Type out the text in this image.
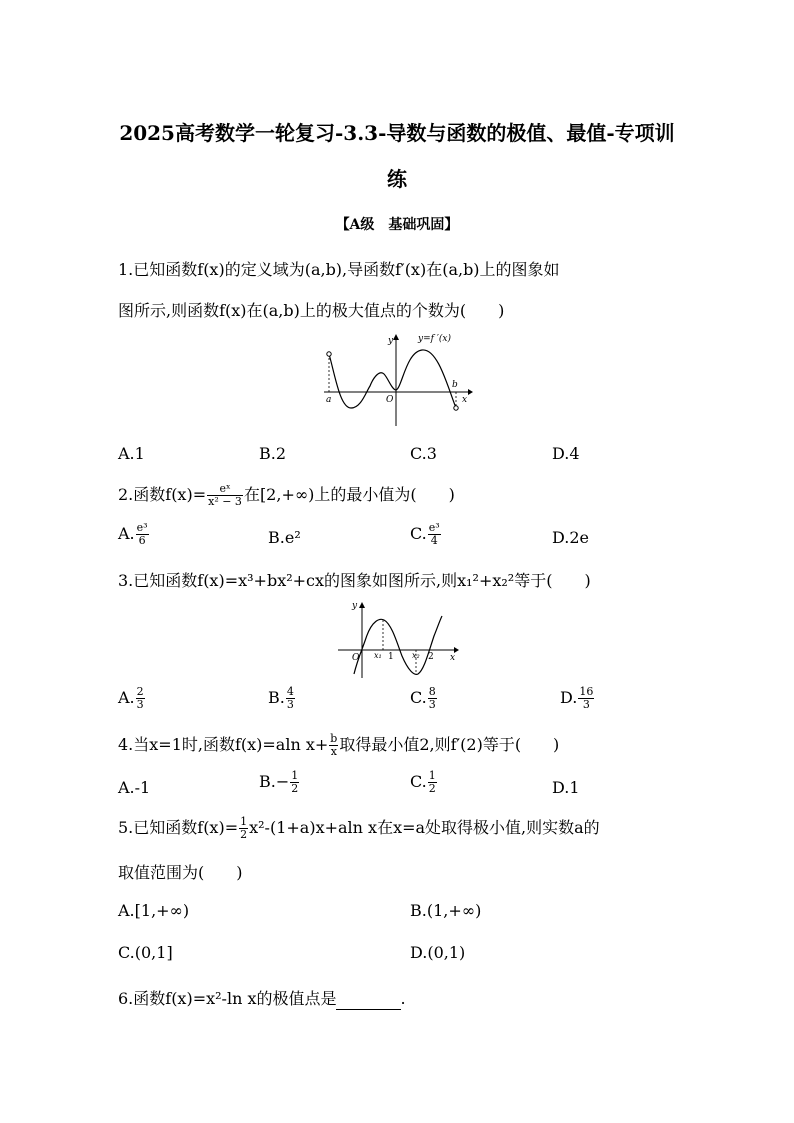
2025高考数学一轮复习-3.3-导数与函数的极值、最值-专项训
练
【A级　基础巩固】
1.已知函数f(x)的定义域为(a,b),导函数f′(x)在(a,b)上的图象如
图所示,则函数f(x)在(a,b)上的极大值点的个数为(　　)
y	y=f ′(x)
a	O
b
x
A.1	B.2	C.3	D.4
2.函数$f(x)= \frac{\text{eˣ}}{\text{x² − 3}}$ 在[2,+∞)上的最小值为(　　)
A. $\frac{\text{e³}}{6}$	B.e²	C. $\frac{\text{e³}}{4}$	D.2e
3.已知函数f(x)=x³+bx²+cx的图象如图所示,则x₁²+x₂²等于(　　)
y
O x₁ 1 x₂ 2 x
A. $\frac{2}{3}$	B. $\frac{4}{3}$	C. $\frac{8}{3}$	D. $\frac{16}{3}$
4.当x=1时,函数f(x)=aln $x+ \frac{b}{x}$ 取得最小值2,则f′(2)等于(　　)
A.-1	$B.- \frac{1}{2}$	C. $\frac{1}{2}$	D.1
5.已知函数$f(x)= \frac{1}{2} x^2-(1+a)x+aln$ x在x=a处取得极小值,则实数a的
取值范围为(　　)
A.[1,+∞)	B.(1,+∞)
C.(0,1]	D.(0,1)
6.函数f(x)=x²-ln x的极值点是　　　　	.
